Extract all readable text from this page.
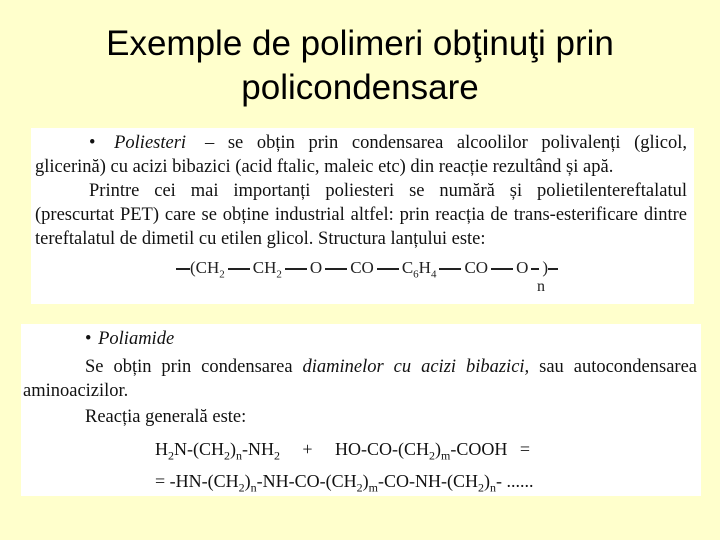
Exemple de polimeri obţinuţi prin
policondensare
• Poliesteri – se obțin prin condensarea alcoolilor polivalenți (glicol,
glicerină) cu acizi bibazici (acid ftalic, maleic etc) din reacție rezultând și apă.
Printre cei mai importanți poliesteri se numără și polietilentereftalatul
(prescurtat PET) care se obține industrial altfel: prin reacția de trans-esterificare dintre
tereftalatul de dimetil cu etilen glicol. Structura lanțului este:
($CH_2$ $CH_2$ O CO $C_6H_4$ CO O )
n
• Poliamide
Se obțin prin condensarea diaminelor cu acizi bibazici, sau autocondensarea
aminoacizilor.
Reacția generală este:
$H_2N-(CH_2)_n-NH_2$ + $HO-CO-(CH_2)_m$-COOH =
= $-HN-(CH_2)_n-NH-CO-(CH_2)_m-CO-NH-(CH_2)_n-$ ......
